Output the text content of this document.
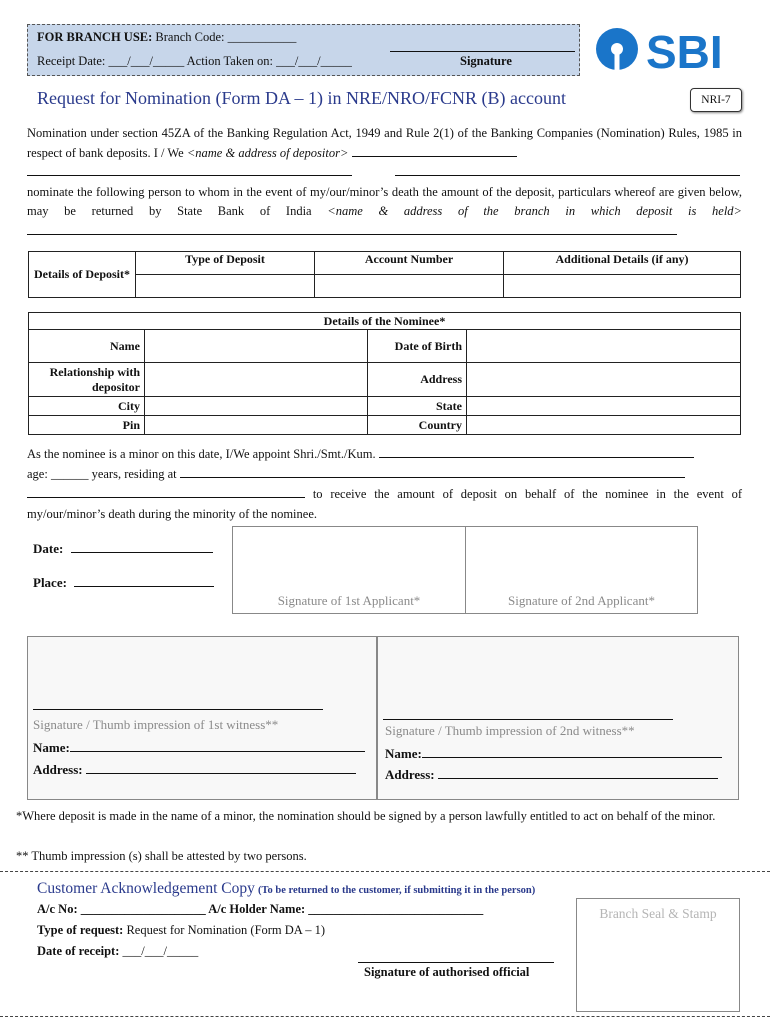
FOR BRANCH USE: Branch Code: ___________
Receipt Date: ___/___/_____ Action Taken on: ___/___/_____	Signature	SBI
Request for Nomination (Form DA – 1) in NRE/NRO/FCNR (B) account	NRI-7
Nomination under section 45ZA of the Banking Regulation Act, 1949 and Rule 2(1) of the Banking Companies (Nomination) Rules, 1985 in respect of bank deposits. I / We <name & address of depositor>

nominate the following person to whom in the event of my/our/minor’s death the amount of the deposit, particulars whereof are given below, may be returned by State Bank of India <name & address of the branch in which deposit is held>
Details of Deposit*	Type of Deposit	Account Number	Additional Details (if any)

Details of the Nominee*			
Name		Date of Birth	
Relationship with depositor		Address	
City		State	
Pin		Country	
As the nominee is a minor on this date, I/We appoint Shri./Smt./Kum.
age: ______ years, residing at
to receive the amount of deposit on behalf of the nominee in the event of my/our/minor’s death during the minority of the nominee.
Date:
Place:
Signature of 1st Applicant*	Signature of 2nd Applicant*
Signature / Thumb impression of 1st witness**
Name:
Address:
Signature / Thumb impression of 2nd witness**
Name:
Address:
*Where deposit is made in the name of a minor, the nomination should be signed by a person lawfully entitled to act on behalf of the minor.
** Thumb impression (s) shall be attested by two persons.
Customer Acknowledgement Copy (To be returned to the customer, if submitting it in the person)
A/c No: ____________________ A/c Holder Name: ____________________________
Type of request: Request for Nomination (Form DA – 1)
Date of receipt: ___/___/_____
Signature of authorised official
Branch Seal & Stamp
